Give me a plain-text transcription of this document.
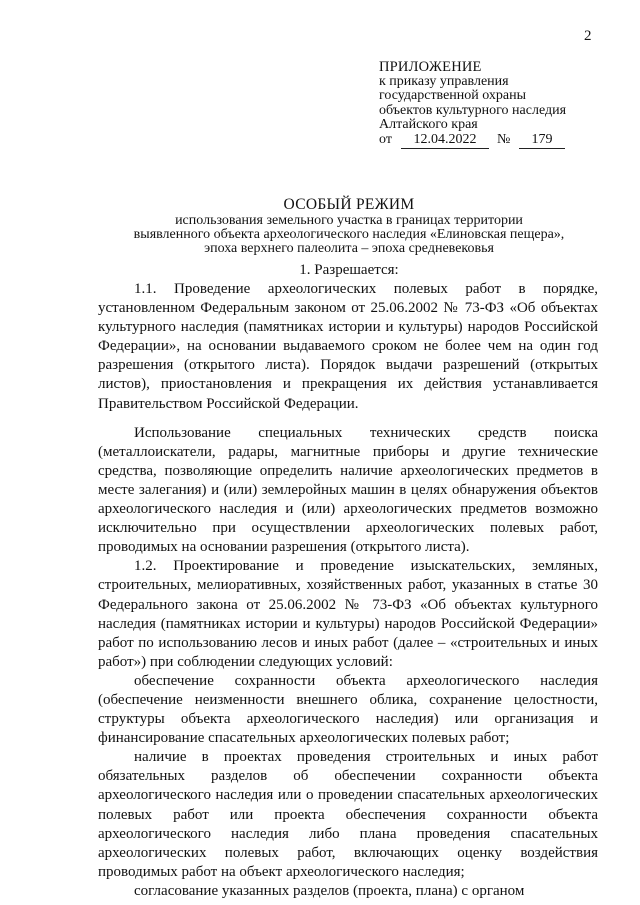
2
ПРИЛОЖЕНИЕ
к приказу управления
государственной охраны
объектов культурного наследия
Алтайского края
от	12.04.2022	№	179
ОСОБЫЙ РЕЖИМ
использования земельного участка в границах территории
выявленного объекта археологического наследия «Елиновская пещера»,
эпоха верхнего палеолита – эпоха средневековья
1. Разрешается:

1.1. Проведение археологических полевых работ в порядке, установленном Федеральным законом от 25.06.2002 № 73-ФЗ «Об объектах культурного наследия (памятниках истории и культуры) народов Российской Федерации», на основании выдаваемого сроком не более чем на один год разрешения (открытого листа). Порядок выдачи разрешений (открытых листов), приостановления и прекращения их действия устанавливается Правительством Российской Федерации.

Использование специальных технических средств поиска (металлоискатели, радары, магнитные приборы и другие технические средства, позволяющие определить наличие археологических предметов в месте залегания) и (или) землеройных машин в целях обнаружения объектов археологического наследия и (или) археологических предметов возможно исключительно при осуществлении археологических полевых работ, проводимых на основании разрешения (открытого листа).

1.2. Проектирование и проведение изыскательских, земляных, строительных, мелиоративных, хозяйственных работ, указанных в статье 30 Федерального закона от 25.06.2002 № 73-ФЗ «Об объектах культурного наследия (памятниках истории и культуры) народов Российской Федерации» работ по использованию лесов и иных работ (далее – «строительных и иных работ») при соблюдении следующих условий:

обеспечение сохранности объекта археологического наследия (обеспечение неизменности внешнего облика, сохранение целостности, структуры объекта археологического наследия) или организация и финансирование спасательных археологических полевых работ;

наличие в проектах проведения строительных и иных работ обязательных разделов об обеспечении сохранности объекта археологического наследия или о проведении спасательных археологических полевых работ или проекта обеспечения сохранности объекта археологического наследия либо плана проведения спасательных археологических полевых работ, включающих оценку воздействия проводимых работ на объект археологического наследия;

согласование указанных разделов (проекта, плана) с органом
